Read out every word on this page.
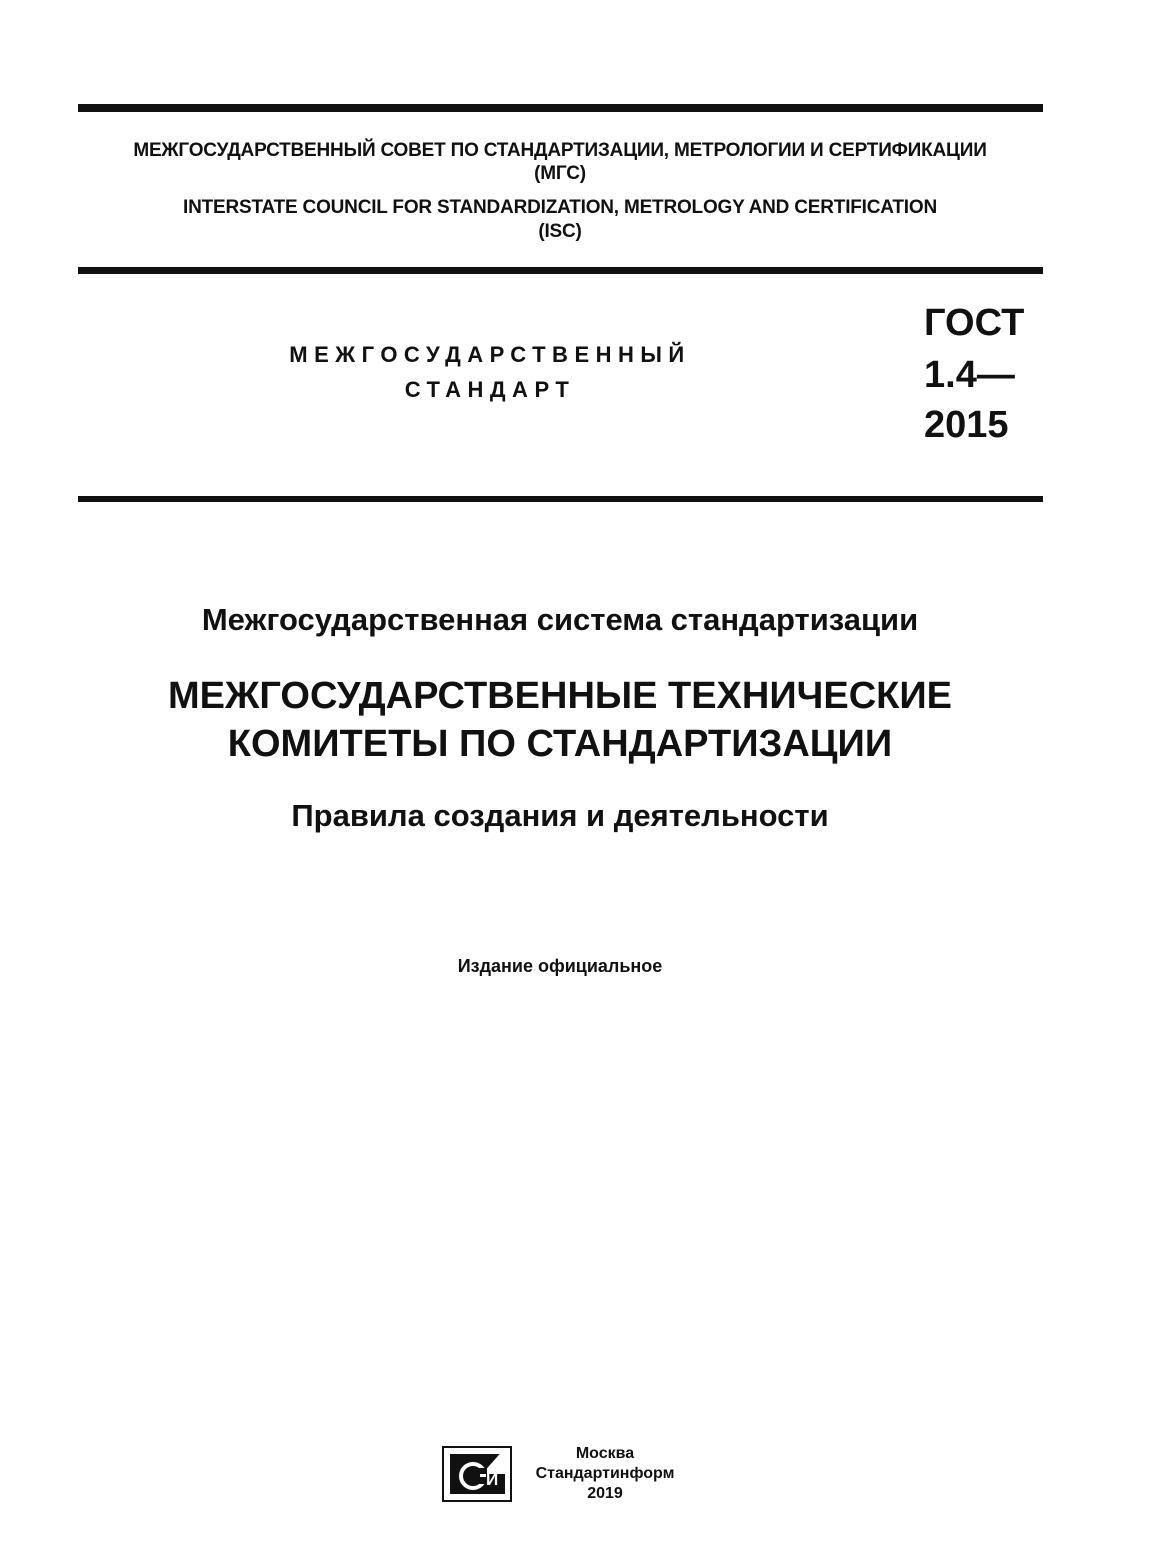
МЕЖГОСУДАРСТВЕННЫЙ СОВЕТ ПО СТАНДАРТИЗАЦИИ, МЕТРОЛОГИИ И СЕРТИФИКАЦИИ
(МГС)
INTERSTATE COUNCIL FOR STANDARDIZATION, METROLOGY AND CERTIFICATION
(ISC)
МЕЖГОСУДАРСТВЕННЫЙ
СТАНДАРТ
ГОСТ
1.4—
2015
Межгосударственная система стандартизации
МЕЖГОСУДАРСТВЕННЫЕ ТЕХНИЧЕСКИЕ
КОМИТЕТЫ ПО СТАНДАРТИЗАЦИИ
Правила создания и деятельности
Издание официальное
И
Москва
Стандартинформ
2019
